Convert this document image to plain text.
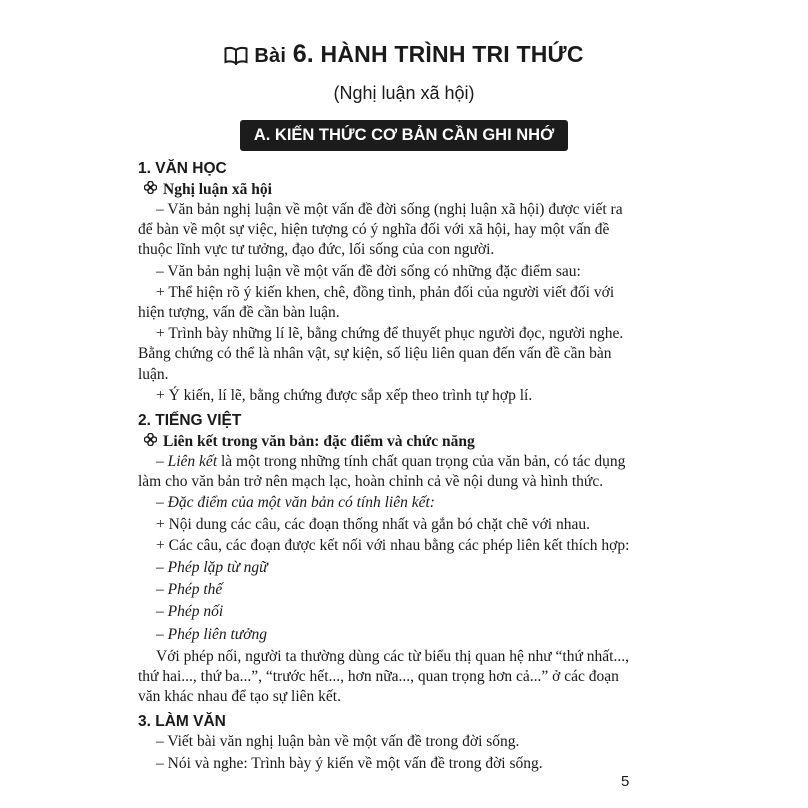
Bài 6. HÀNH TRÌNH TRI THỨC
(Nghị luận xã hội)
A. KIẾN THỨC CƠ BẢN CẦN GHI NHỚ

1. VĂN HỌC

Nghị luận xã hội

– Văn bản nghị luận về một vấn đề đời sống (nghị luận xã hội) được viết ra để bàn về một sự việc, hiện tượng có ý nghĩa đối với xã hội, hay một vấn đề thuộc lĩnh vực tư tưởng, đạo đức, lối sống của con người.

– Văn bản nghị luận về một vấn đề đời sống có những đặc điểm sau:

+ Thể hiện rõ ý kiến khen, chê, đồng tình, phản đối của người viết đối với hiện tượng, vấn đề cần bàn luận.

+ Trình bày những lí lẽ, bằng chứng để thuyết phục người đọc, người nghe. Bằng chứng có thể là nhân vật, sự kiện, số liệu liên quan đến vấn đề cần bàn luận.

+ Ý kiến, lí lẽ, bằng chứng được sắp xếp theo trình tự hợp lí.

2. TIẾNG VIỆT

Liên kết trong văn bản: đặc điểm và chức năng

– Liên kết là một trong những tính chất quan trọng của văn bản, có tác dụng làm cho văn bản trở nên mạch lạc, hoàn chỉnh cả về nội dung và hình thức.

– Đặc điểm của một văn bản có tính liên kết:

+ Nội dung các câu, các đoạn thống nhất và gắn bó chặt chẽ với nhau.

+ Các câu, các đoạn được kết nối với nhau bằng các phép liên kết thích hợp:

– Phép lặp từ ngữ

– Phép thế

– Phép nối

– Phép liên tưởng

Với phép nối, người ta thường dùng các từ biểu thị quan hệ như “thứ nhất..., thứ hai..., thứ ba...”, “trước hết..., hơn nữa..., quan trọng hơn cả...” ở các đoạn văn khác nhau để tạo sự liên kết.

3. LÀM VĂN

– Viết bài văn nghị luận bàn về một vấn đề trong đời sống.

– Nói và nghe: Trình bày ý kiến về một vấn đề trong đời sống.

5
